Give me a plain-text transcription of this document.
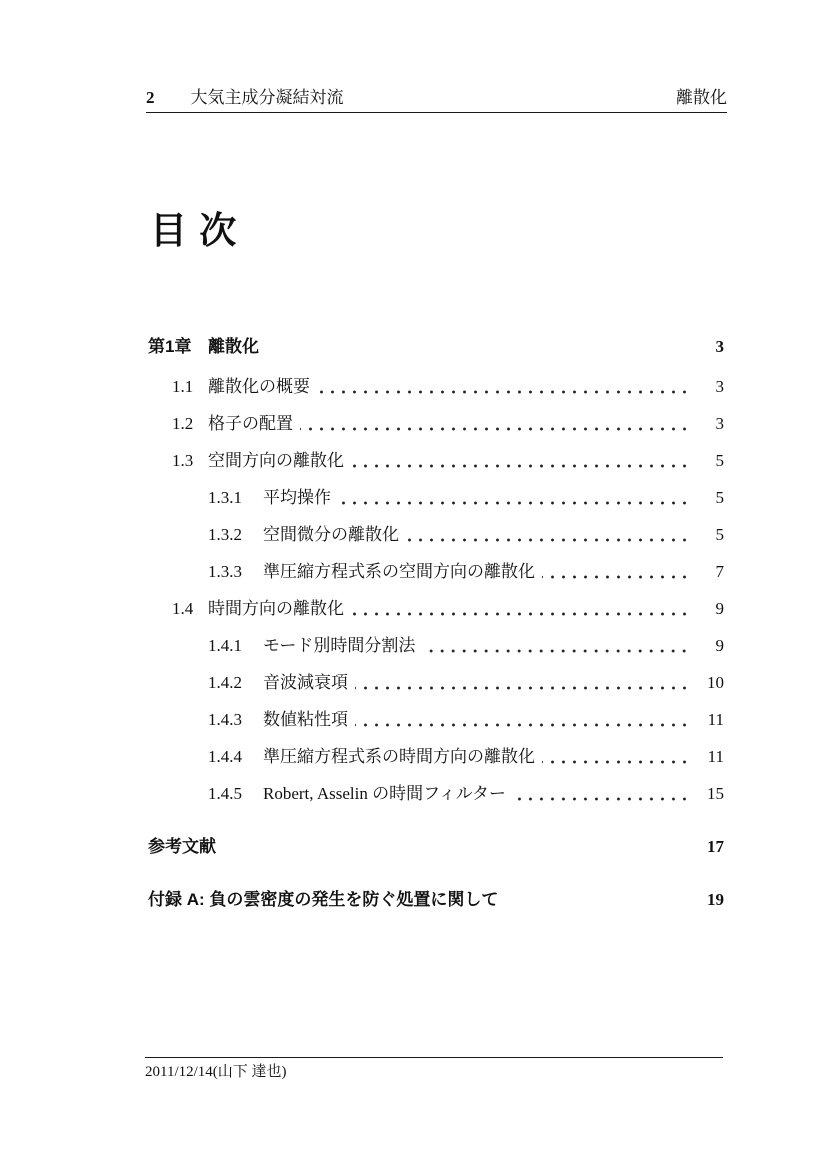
2 大気主成分凝結対流	離散化
目 次
第1章 離散化	3
1.1 離散化の概要	3
1.2 格子の配置	3
1.3 空間方向の離散化	5
1.3.1	平均操作	5
1.3.2	空間微分の離散化	5
1.3.3	準圧縮方程式系の空間方向の離散化	7
1.4 時間方向の離散化	9
1.4.1	モード別時間分割法	9
1.4.2	音波減衰項	10
1.4.3	数値粘性項	11
1.4.4	準圧縮方程式系の時間方向の離散化	11
1.4.5	Robert, Asselin の時間フィルター	15
参考文献	17
付録 A: 負の雲密度の発生を防ぐ処置に関して	19
2011/12/14(山下 達也)
